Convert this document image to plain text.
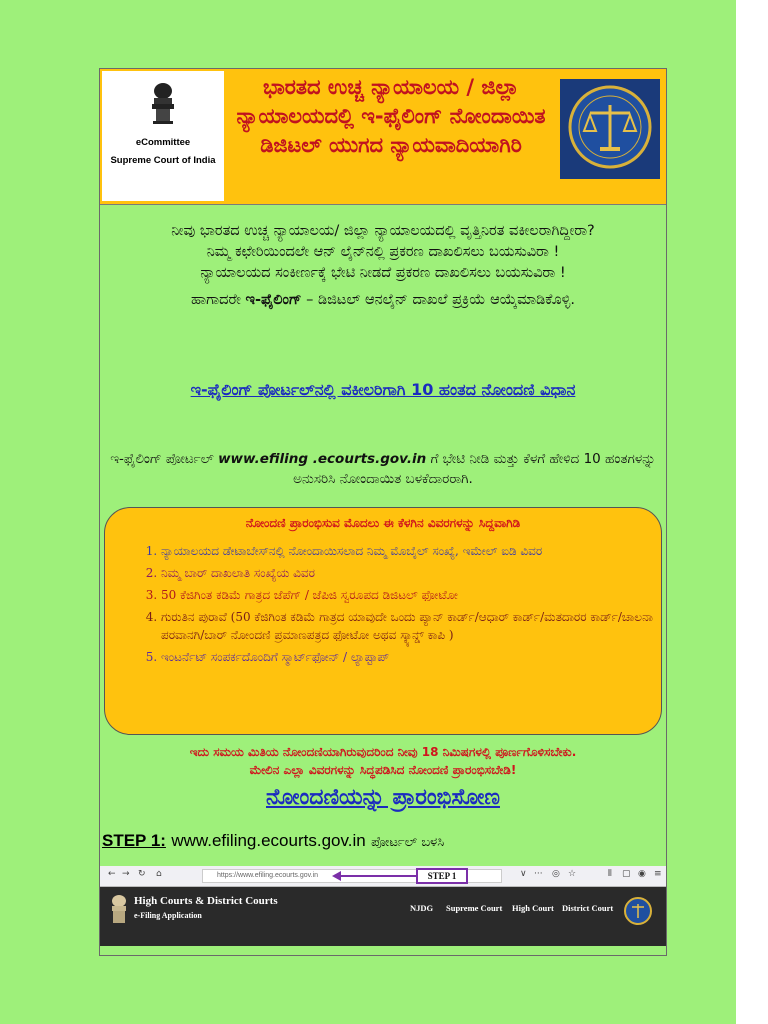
eCommittee
Supreme Court of India
ಭಾರತದ ಉಚ್ಚ ನ್ಯಾಯಾಲಯ / ಜಿಲ್ಲಾ ನ್ಯಾಯಾಲಯದಲ್ಲಿ ಇ-ಫೈಲಿಂಗ್ ನೋಂದಾಯಿತ ಡಿಜಿಟಲ್ ಯುಗದ ನ್ಯಾಯವಾದಿಯಾಗಿರಿ
ನೀವು ಭಾರತದ ಉಚ್ಚ ನ್ಯಾಯಾಲಯ/ ಜಿಲ್ಲಾ ನ್ಯಾಯಾಲಯದಲ್ಲಿ ವೃತ್ತಿನಿರತ ವಕೀಲರಾಗಿದ್ದೀರಾ?
ನಿಮ್ಮ ಕಛೇರಿಯಿಂದಲೇ ಆನ್ ಲೈನ್‌ನಲ್ಲಿ ಪ್ರಕರಣ ದಾಖಲಿಸಲು ಬಯಸುವಿರಾ !
ನ್ಯಾಯಾಲಯದ ಸಂಕೀರ್ಣಕ್ಕೆ ಭೇಟಿ ನೀಡದೆ ಪ್ರಕರಣ ದಾಖಲಿಸಲು ಬಯಸುವಿರಾ !
ಹಾಗಾದರೇ ಇ-ಫೈಲಿಂಗ್ – ಡಿಜಿಟಲ್ ಆನಲೈನ್ ದಾಖಲೆ ಪ್ರಕ್ರಿಯೆ ಆಯ್ಕೆಮಾಡಿಕೊಳ್ಳಿ.
ಇ-ಫೈಲಿಂಗ್ ಪೋರ್ಟಲ್‌ನಲ್ಲಿ ವಕೀಲರಿಗಾಗಿ 10 ಹಂತದ ನೋಂದಣಿ ವಿಧಾನ
ಇ-ಫೈಲಿಂಗ್ ಪೋರ್ಟಲ್ www.efiling .ecourts.gov.in ಗೆ ಭೇಟಿ ನೀಡಿ ಮತ್ತು ಕೆಳಗೆ ಹೇಳಿದ 10 ಹಂತಗಳನ್ನು ಅನುಸರಿಸಿ ನೋಂದಾಯಿತ ಬಳಕೆದಾರರಾಗಿ.
ನೋಂದಣಿ ಪ್ರಾರಂಭಿಸುವ ಮೊದಲು ಈ ಕೆಳಗಿನ ವಿವರಗಳನ್ನು ಸಿದ್ದವಾಗಿಡಿ
1. ನ್ಯಾಯಾಲಯದ ಡೇಟಾಬೇಸ್‌ನಲ್ಲಿ ನೋಂದಾಯಿಸಲಾದ ನಿಮ್ಮ ಮೊಬೈಲ್ ಸಂಖ್ಯೆ, ಇಮೇಲ್ ಐಡಿ ವಿವರ
2. ನಿಮ್ಮ ಬಾರ್ ದಾಖಲಾತಿ ಸಂಖ್ಯೆಯ ವಿವರ
3. 50 ಕೆಜಿಗಿಂತ ಕಡಿಮೆ ಗಾತ್ರದ ಜೆಪೆಗ್ / ಜೆಪಿಜಿ ಸ್ವರೂಪದ ಡಿಜಿಟಲ್ ಫೋಟೋ
4. ಗುರುತಿನ ಪುರಾವೆ (50 ಕೆಜಿಗಿಂತ ಕಡಿಮೆ ಗಾತ್ರದ ಯಾವುದೇ ಒಂದು ಪ್ಯಾನ್ ಕಾರ್ಡ್/ಆಧಾರ್ ಕಾರ್ಡ್/ಮತದಾರರ ಕಾರ್ಡ್/ಚಾಲನಾ ಪರವಾನಗಿ/ಬಾರ್ ನೋಂದಣಿ ಪ್ರಮಾಣಪತ್ರದ ಫೋಟೋ ಅಥವ ಸ್ಕ್ಯಾನ್ಡ್ ಕಾಪಿ )
5. ಇಂಟರ್ನೆಟ್ ಸಂಪರ್ಕದೊಂದಿಗೆ ಸ್ಮಾರ್ಟ್‌ಫೋನ್ / ಲ್ಯಾಪ್ಟಾಪ್
ಇದು ಸಮಯ ಮಿತಿಯ ನೋಂದಣಿಯಾಗಿರುವುದರಿಂದ ನೀವು 18 ನಿಮಿಷಗಳಲ್ಲಿ ಪೂರ್ಣಗೊಳಿಸಬೇಕು.
ಮೇಲಿನ ಎಲ್ಲಾ ವಿವರಗಳನ್ನು ಸಿದ್ಧಪಡಿಸಿದ ನೋಂದಣಿ ಪ್ರಾರಂಭಿಸಬೇಡಿ!
ನೋಂದಣಿಯನ್ನು ಪ್ರಾರಂಭಿಸೋಣ
STEP 1: www.efiling.ecourts.gov.in ಪೋರ್ಟಲ್ ಬಳಸಿ
← → ↻ ⌂	https://www.efiling.ecourts.gov.in	STEP 1	∨ ··· ◎ ☆	⫴ ▢ ◉ ≡
High Courts & District Courts
e-Filing Application
NJDG Supreme Court High Court District Court
